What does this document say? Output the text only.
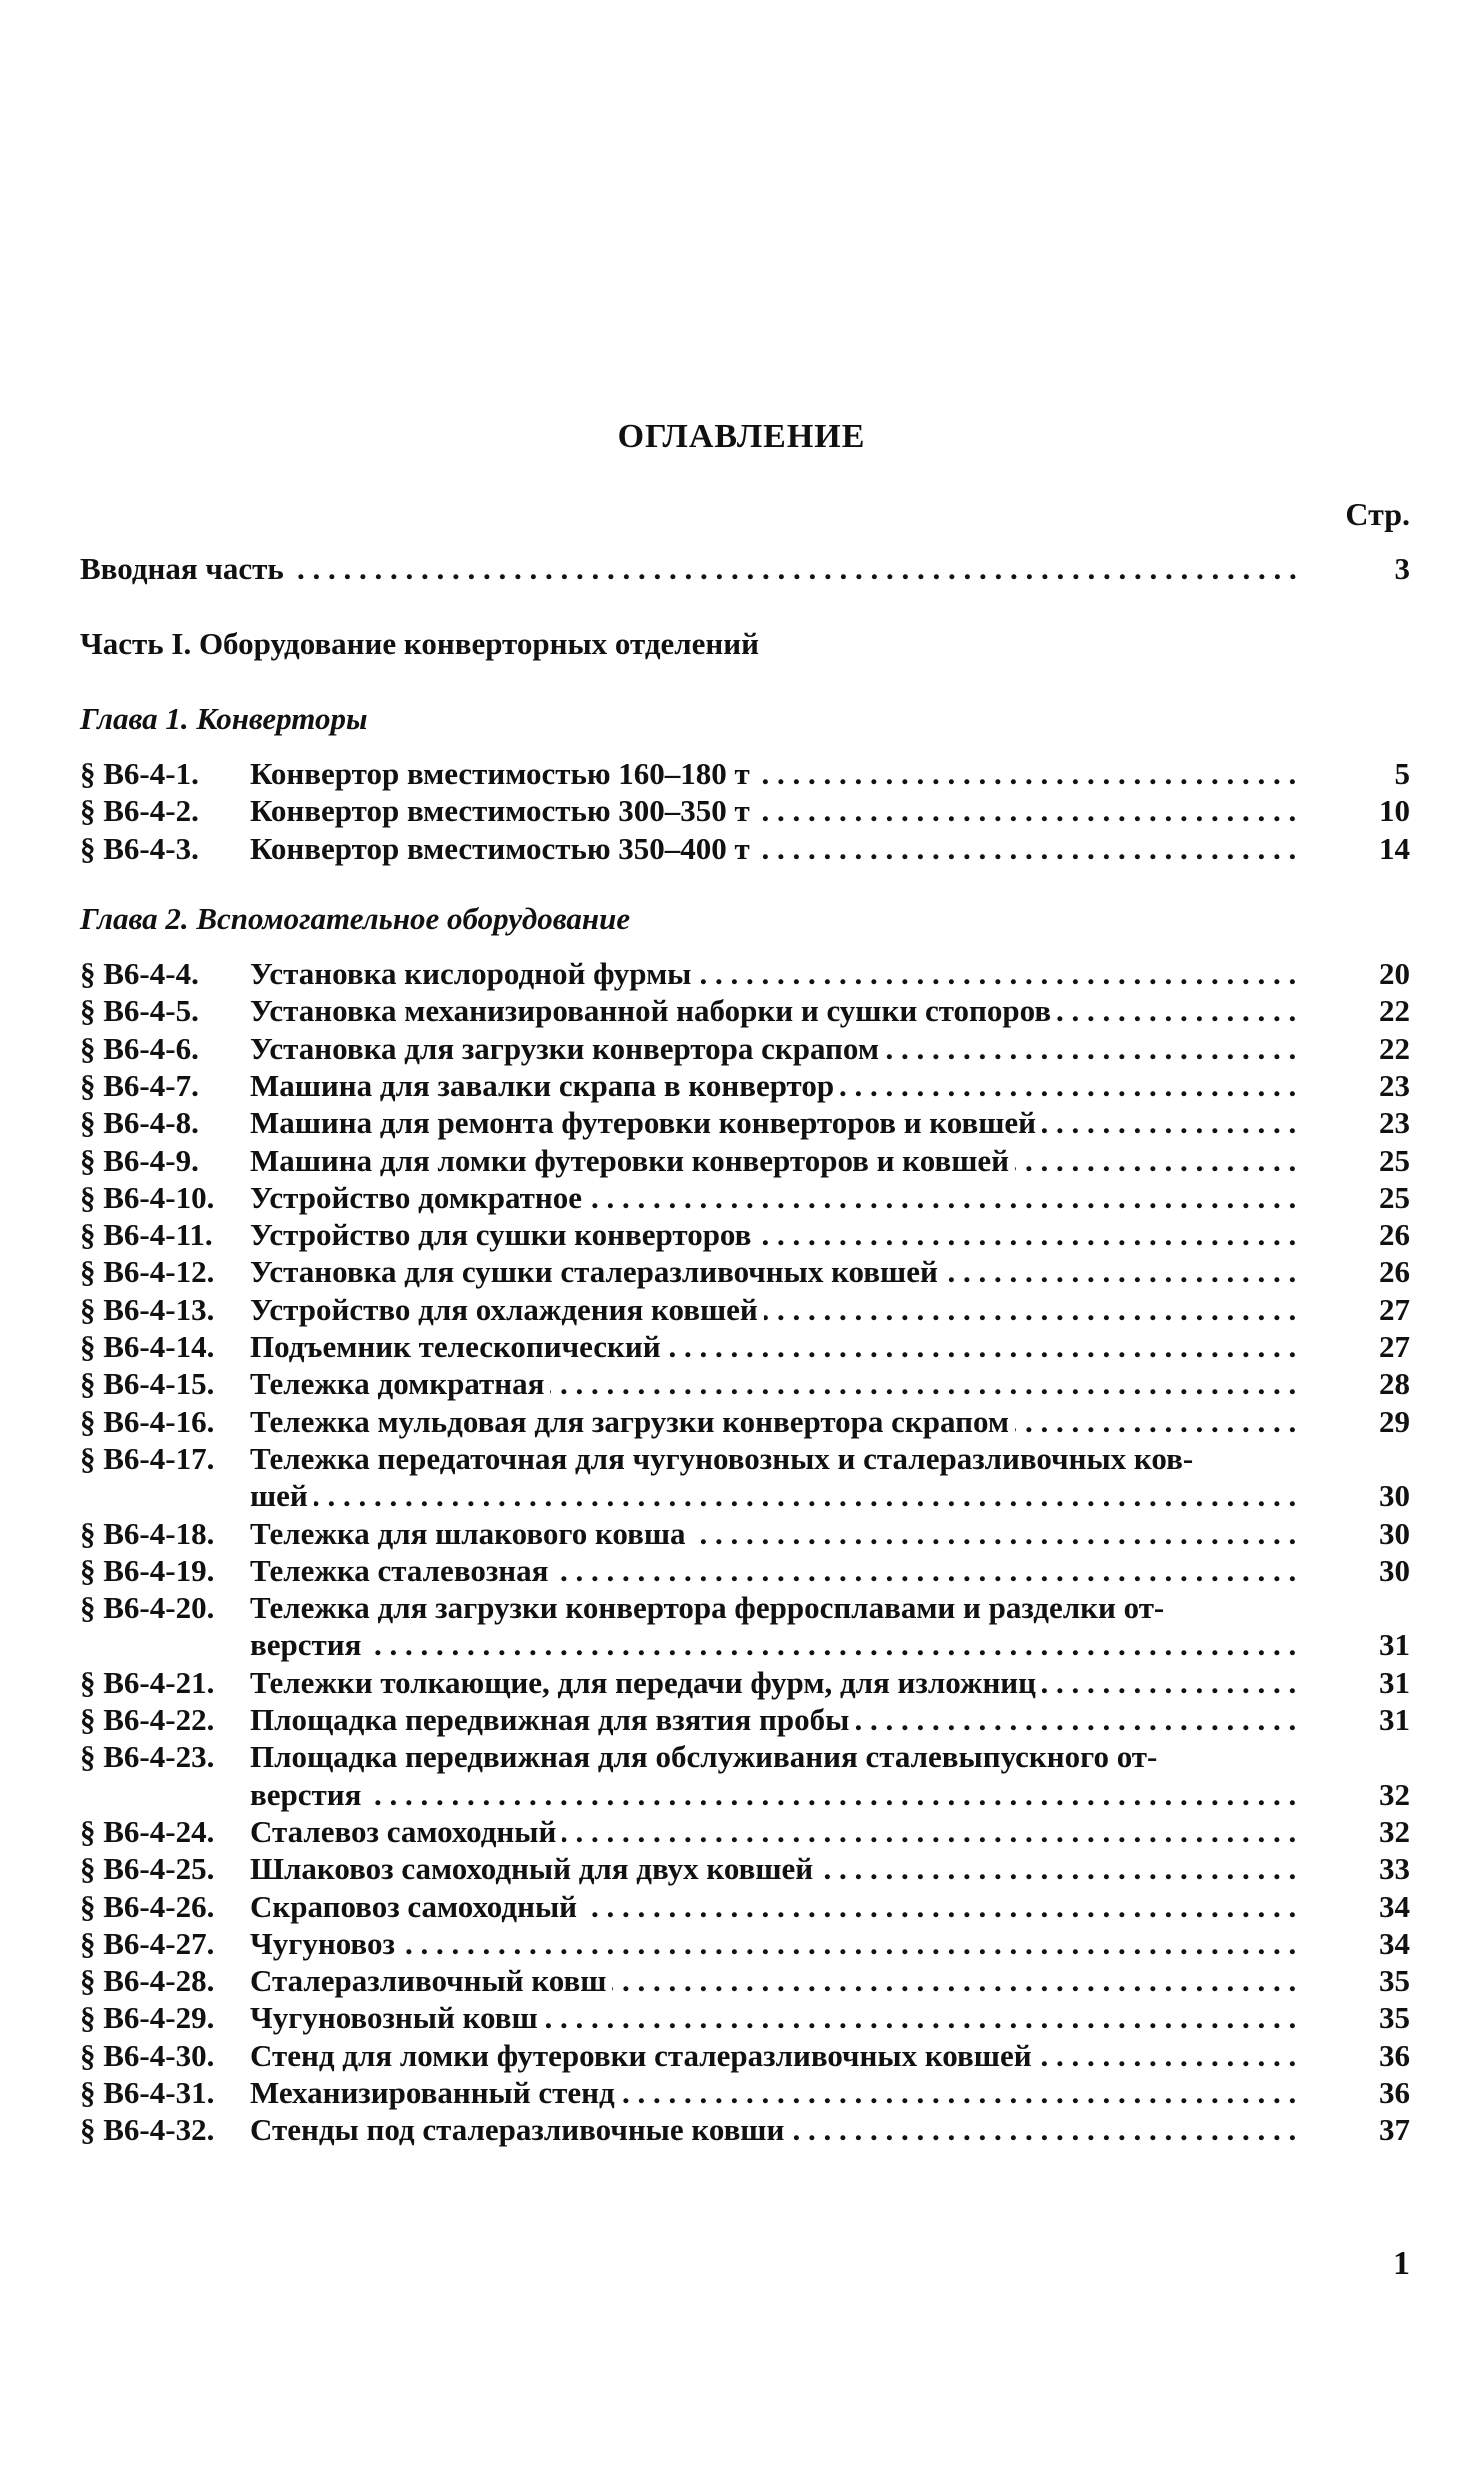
ОГЛАВЛЕНИЕ
Стр.
Вводная часть . . .	3
Часть I. Оборудование конверторных отделений
Глава 1. Конверторы
Глава 2. Вспомогательное оборудование
§ В6-4-1.	Конвертор вместимостью 160–180 т . . .	5
§ В6-4-2.	Конвертор вместимостью 300–350 т . . .	10
§ В6-4-3.	Конвертор вместимостью 350–400 т . . .	14
§ В6-4-4.	Установка кислородной фурмы . . .	20
§ В6-4-5.	Установка механизированной наборки и сушки стопоров . . .	22
§ В6-4-6.	Установка для загрузки конвертора скрапом . . .	22
§ В6-4-7.	Машина для завалки скрапа в конвертор . . .	23
§ В6-4-8.	Машина для ремонта футеровки конверторов и ковшей . . .	23
§ В6-4-9.	Машина для ломки футеровки конверторов и ковшей . . .	25
§ В6-4-10.	Устройство домкратное . . .	25
§ В6-4-11.	Устройство для сушки конверторов . . .	26
§ В6-4-12.	Установка для сушки сталеразливочных ковшей . . .	26
§ В6-4-13.	Устройство для охлаждения ковшей . . .	27
§ В6-4-14.	Подъемник телескопический . . .	27
§ В6-4-15.	Тележка домкратная . . .	28
§ В6-4-16.	Тележка мульдовая для загрузки конвертора скрапом . . .	29
§ В6-4-17.	Тележка передаточная для чугуновозных и сталеразливочных ков-
шей . . .	30
§ В6-4-18.	Тележка для шлакового ковша . . .	30
§ В6-4-19.	Тележка сталевозная . . .	30
§ В6-4-20.	Тележка для загрузки конвертора ферросплавами и разделки от-
верстия . . .	31
§ В6-4-21.	Тележки толкающие, для передачи фурм, для изложниц . . .	31
§ В6-4-22.	Площадка передвижная для взятия пробы . . .	31
§ В6-4-23.	Площадка передвижная для обслуживания сталевыпускного от-
верстия . . .	32
§ В6-4-24.	Сталевоз самоходный . . .	32
§ В6-4-25.	Шлаковоз самоходный для двух ковшей . . .	33
§ В6-4-26.	Скраповоз самоходный . . .	34
§ В6-4-27.	Чугуновоз . . .	34
§ В6-4-28.	Сталеразливочный ковш . . .	35
§ В6-4-29.	Чугуновозный ковш . . .	35
§ В6-4-30.	Стенд для ломки футеровки сталеразливочных ковшей . . .	36
§ В6-4-31.	Механизированный стенд . . .	36
§ В6-4-32.	Стенды под сталеразливочные ковши . . .	37
1
